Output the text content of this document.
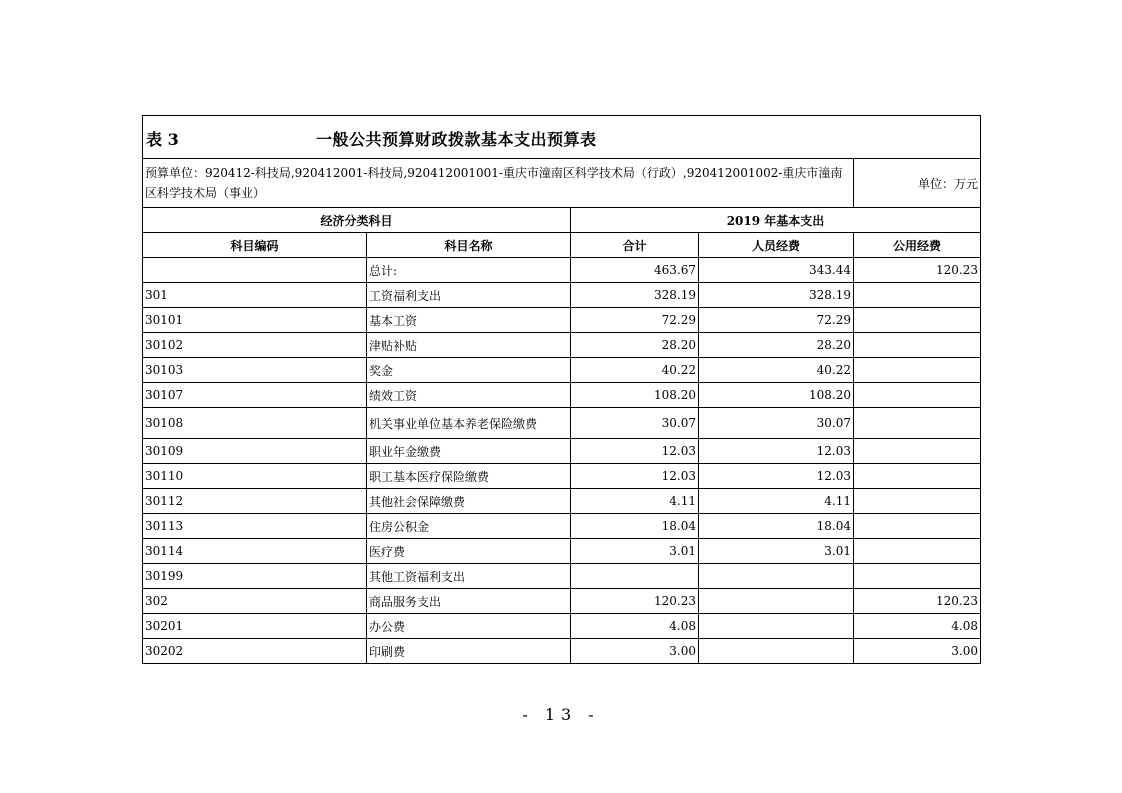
表 3 一般公共预算财政拨款基本支出预算表				

预算单位：920412-科技局,920412001-科技局,920412001001-重庆市潼南区科学技术局（行政）,920412001002-重庆市潼南区科学技术局（事业）				单位：万元
经济分类科目		2019 年基本支出		
科目编码	科目名称	合计	人员经费	公用经费
	总计:	463.67	343.44	120.23
301	工资福利支出	328.19	328.19	
30101	基本工资	72.29	72.29	
30102	津贴补贴	28.20	28.20	
30103	奖金	40.22	40.22	
30107	绩效工资	108.20	108.20	
30108	机关事业单位基本养老保险缴费	30.07	30.07	
30109	职业年金缴费	12.03	12.03	
30110	职工基本医疗保险缴费	12.03	12.03	
30112	其他社会保障缴费	4.11	4.11	
30113	住房公积金	18.04	18.04	
30114	医疗费	3.01	3.01	
30199	其他工资福利支出			
302	商品服务支出	120.23		120.23
30201	办公费	4.08		4.08
30202	印刷费	3.00		3.00
- 13 -
